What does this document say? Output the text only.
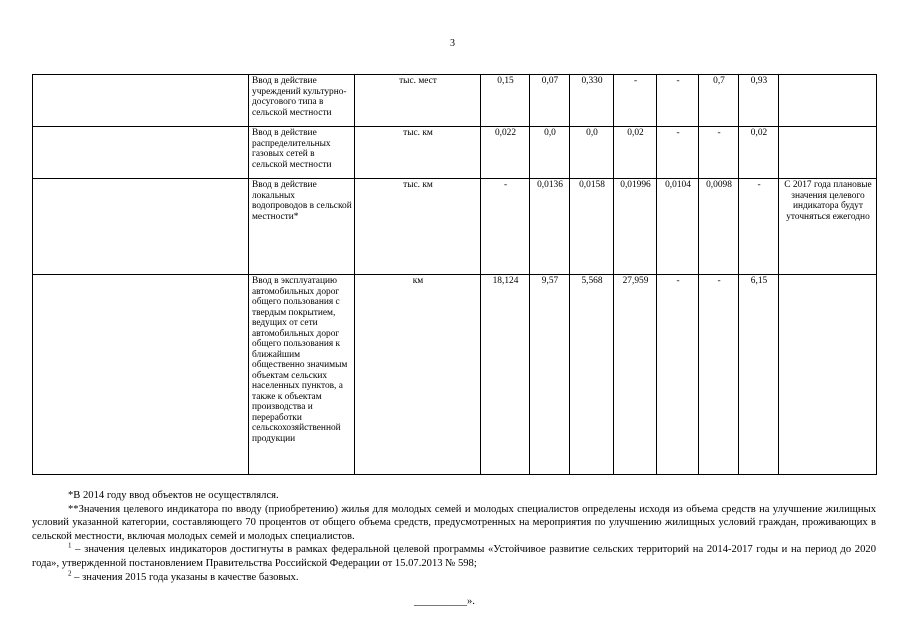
3
	Ввод в действие учреждений культурно-досугового типа в сельской местности	тыс. мест	0,15	0,07	0,330	-	-	0,7	0,93	
	Ввод в действие распределительных газовых сетей в сельской местности	тыс. км	0,022	0,0	0,0	0,02	-	-	0,02	
	Ввод в действие локальных водопроводов в сельской местности*	тыс. км	-	0,0136	0,0158	0,01996	0,0104	0,0098	-	С 2017 года плановые значения целевого индикатора будут уточняться ежегодно
	Ввод в эксплуатацию автомобильных дорог общего пользования с твердым покрытием, ведущих от сети автомобильных дорог общего пользования к ближайшим общественно значимым объектам сельских населенных пунктов, а также к объектам производства и переработки сельскохозяйственной продукции	км	18,124	9,57	5,568	27,959	-	-	6,15	

*В 2014 году ввод объектов не осуществлялся.

**Значения целевого индикатора по вводу (приобретению) жилья для молодых семей и молодых специалистов определены исходя из объема средств на улучшение жилищных условий указанной категории, составляющего 70 процентов от общего объема средств, предусмотренных на мероприятия по улучшению жилищных условий граждан, проживающих в сельской местности, включая молодых семей и молодых специалистов.

$^1$ – значения целевых индикаторов достигнуты в рамках федеральной целевой программы «Устойчивое развитие сельских территорий на 2014-2017 годы и на период до 2020 года», утвержденной постановлением Правительства Российской Федерации от 15.07.2013 № 598;

$^2$ – значения 2015 года указаны в качестве базовых.

__________».
